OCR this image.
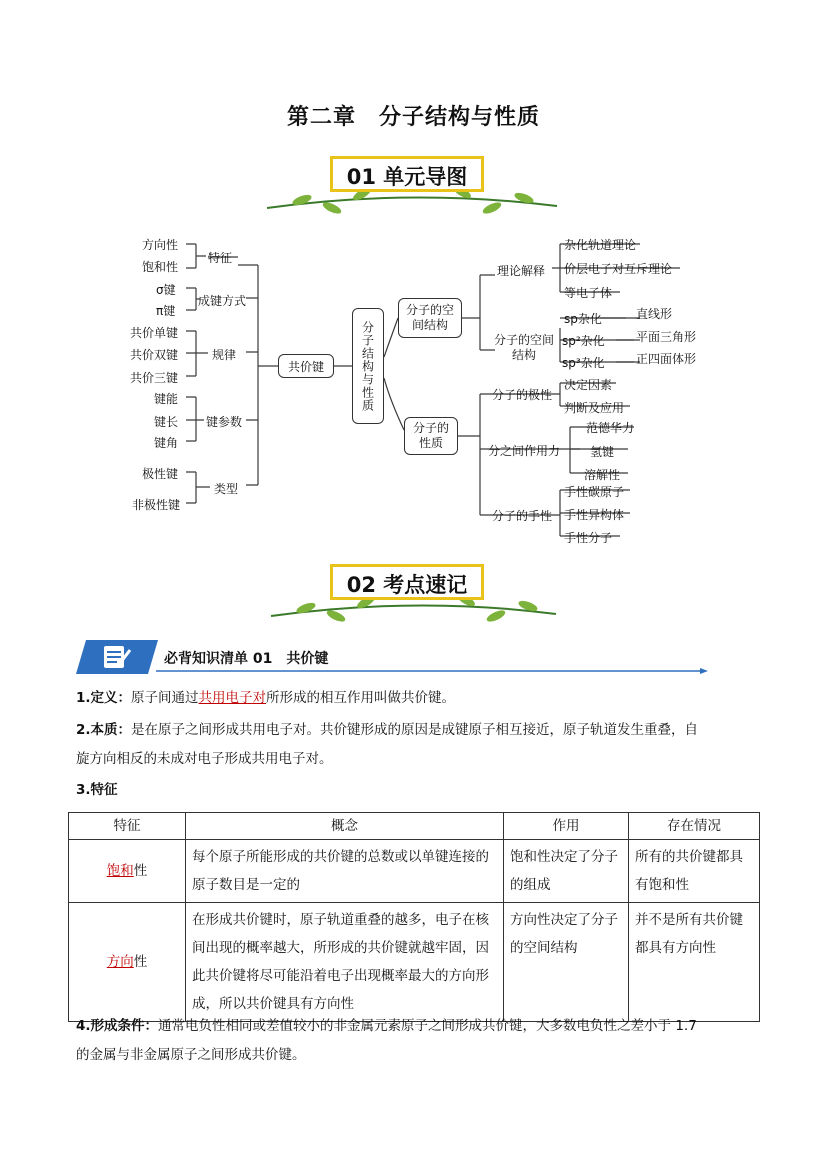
第二章　分子结构与性质
01 单元导图
方向性
饱和性
特征
σ键
π键
成键方式
共价单键
共价双键
共价三键
规律
键能
键长
键角
键参数
极性键
非极性键
类型
共价键	分子结构与性质
分子的空间结构
理论解释
杂化轨道理论
价层电子对互斥理论
等电子体
分子的空间结构
sp杂化
sp²杂化
sp³杂化
直线形
平面三角形
正四面体形
分子的性质
分子的极性
决定因素
判断及应用
分之间作用力
范德华力
氢键
溶解性
分子的手性
手性碳原子
手性异构体
手性分子
02 考点速记
必背知识清单 01　共价键
1.定义：原子间通过共用电子对所形成的相互作用叫做共价键。
2.本质：是在原子之间形成共用电子对。共价键形成的原因是成键原子相互接近，原子轨道发生重叠，自
旋方向相反的未成对电子形成共用电子对。
3.特征
特征	概念	作用	存在情况
饱和性	每个原子所能形成的共价键的总数或以单键连接的原子数目是一定的	饱和性决定了分子的组成	所有的共价键都具有饱和性
方向性	在形成共价键时，原子轨道重叠的越多，电子在核间出现的概率越大，所形成的共价键就越牢固，因此共价键将尽可能沿着电子出现概率最大的方向形成，所以共价键具有方向性	方向性决定了分子的空间结构	并不是所有共价键都具有方向性
4.形成条件：通常电负性相同或差值较小的非金属元素原子之间形成共价键，大多数电负性之差小于 1.7
的金属与非金属原子之间形成共价键。
